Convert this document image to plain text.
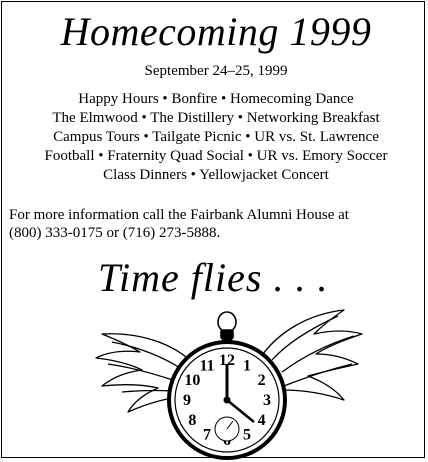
Homecoming 1999
September 24–25, 1999
Happy Hours • Bonfire • Homecoming Dance
The Elmwood • The Distillery • Networking Breakfast
Campus Tours • Tailgate Picnic • UR vs. St. Lawrence
Football • Fraternity Quad Social • UR vs. Emory Soccer
Class Dinners • Yellowjacket Concert
For more information call the Fairbank Alumni House at
(800) 333-0175 or (716) 273-5888.
Time flies . . .
12 1
2
3
4
5
7
8
9
10
11
